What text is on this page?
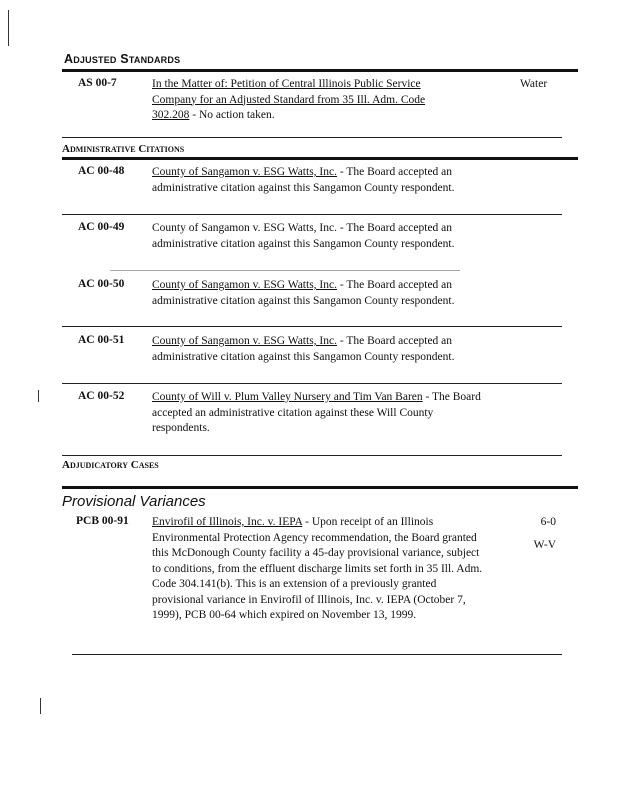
Adjusted Standards
AS 00-7	In the Matter of: Petition of Central Illinois Public Service Company for an Adjusted Standard from 35 Ill. Adm. Code 302.208 - No action taken.
Water
Administrative Citations
AC 00-48 County of Sangamon v. ESG Watts, Inc. - The Board accepted an administrative citation against this Sangamon County respondent.
AC 00-49 County of Sangamon v. ESG Watts, Inc. - The Board accepted an administrative citation against this Sangamon County respondent.
AC 00-50 County of Sangamon v. ESG Watts, Inc. - The Board accepted an administrative citation against this Sangamon County respondent.
AC 00-51 County of Sangamon v. ESG Watts, Inc. - The Board accepted an administrative citation against this Sangamon County respondent.
AC 00-52 County of Will v. Plum Valley Nursery and Tim Van Baren - The Board accepted an administrative citation against these Will County respondents.
Adjudicatory Cases
Provisional Variances
PCB 00-91 Envirofil of Illinois, Inc. v. IEPA - Upon receipt of an Illinois Environmental Protection Agency recommendation, the Board granted this McDonough County facility a 45-day provisional variance, subject to conditions, from the effluent discharge limits set forth in 35 Ill. Adm. Code 304.141(b). This is an extension of a previously granted provisional variance in Envirofil of Illinois, Inc. v. IEPA (October 7, 1999), PCB 00-64 which expired on November 13, 1999.
6-0
W-V
